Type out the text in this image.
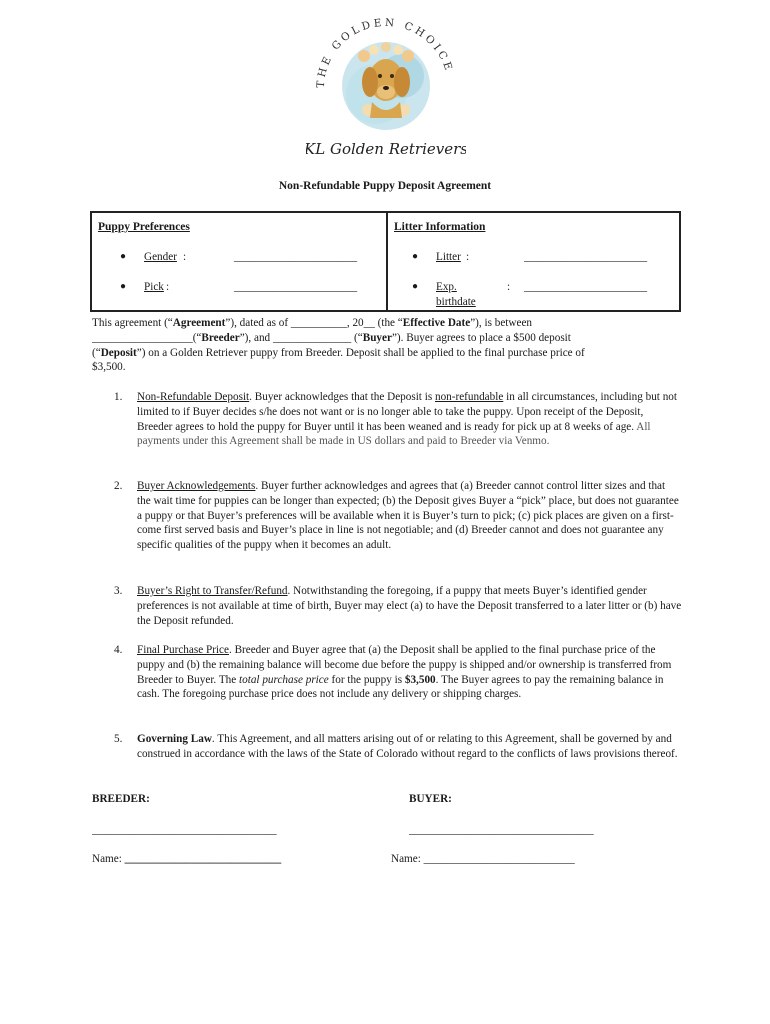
THE GOLDEN CHOICE
KL Golden Retrievers
Non-Refundable Puppy Deposit Agreement
Puppy Preferences
● Gender :	______________________
● Pick :	______________________
Litter Information
● Litter :	______________________
● Exp. birthdate
: ______________________
This agreement (“Agreement”), dated as of __________, 20__ (the “Effective Date”), is between
__________________(“Breeder”), and ______________ (“Buyer”). Buyer agrees to place a $500 deposit
(“Deposit”) on a Golden Retriever puppy from Breeder. Deposit shall be applied to the final purchase price of
$3,500.
1. Non-Refundable Deposit. Buyer acknowledges that the Deposit is non-refundable in all circumstances, including but not limited to if Buyer decides s/he does not want or is no longer able to take the puppy. Upon receipt of the Deposit, Breeder agrees to hold the puppy for Buyer until it has been weaned and is ready for pick up at 8 weeks of age. All payments under this Agreement shall be made in US dollars and paid to Breeder via Venmo.
2. Buyer Acknowledgements. Buyer further acknowledges and agrees that (a) Breeder cannot control litter sizes and that the wait time for puppies can be longer than expected; (b) the Deposit gives Buyer a “pick” place, but does not guarantee a puppy or that Buyer’s preferences will be available when it is Buyer’s turn to pick; (c) pick places are given on a first-come first served basis and Buyer’s place in line is not negotiable; and (d) Breeder cannot and does not guarantee any specific qualities of the puppy when it becomes an adult.
3. Buyer’s Right to Transfer/Refund. Notwithstanding the foregoing, if a puppy that meets Buyer’s identified gender preferences is not available at time of birth, Buyer may elect (a) to have the Deposit transferred to a later litter or (b) have the Deposit refunded.
4. Final Purchase Price. Breeder and Buyer agree that (a) the Deposit shall be applied to the final purchase price of the puppy and (b) the remaining balance will become due before the puppy is shipped and/or ownership is transferred from Breeder to Buyer. The total purchase price for the puppy is $3,500. The Buyer agrees to pay the remaining balance in cash. The foregoing purchase price does not include any delivery or shipping charges.
5. Governing Law. This Agreement, and all matters arising out of or relating to this Agreement, shall be governed by and construed in accordance with the laws of the State of Colorado without regard to the conflicts of laws provisions thereof.
BREEDER:	BUYER:
_________________________________	_________________________________
Name: ____________________________	Name: ___________________________
